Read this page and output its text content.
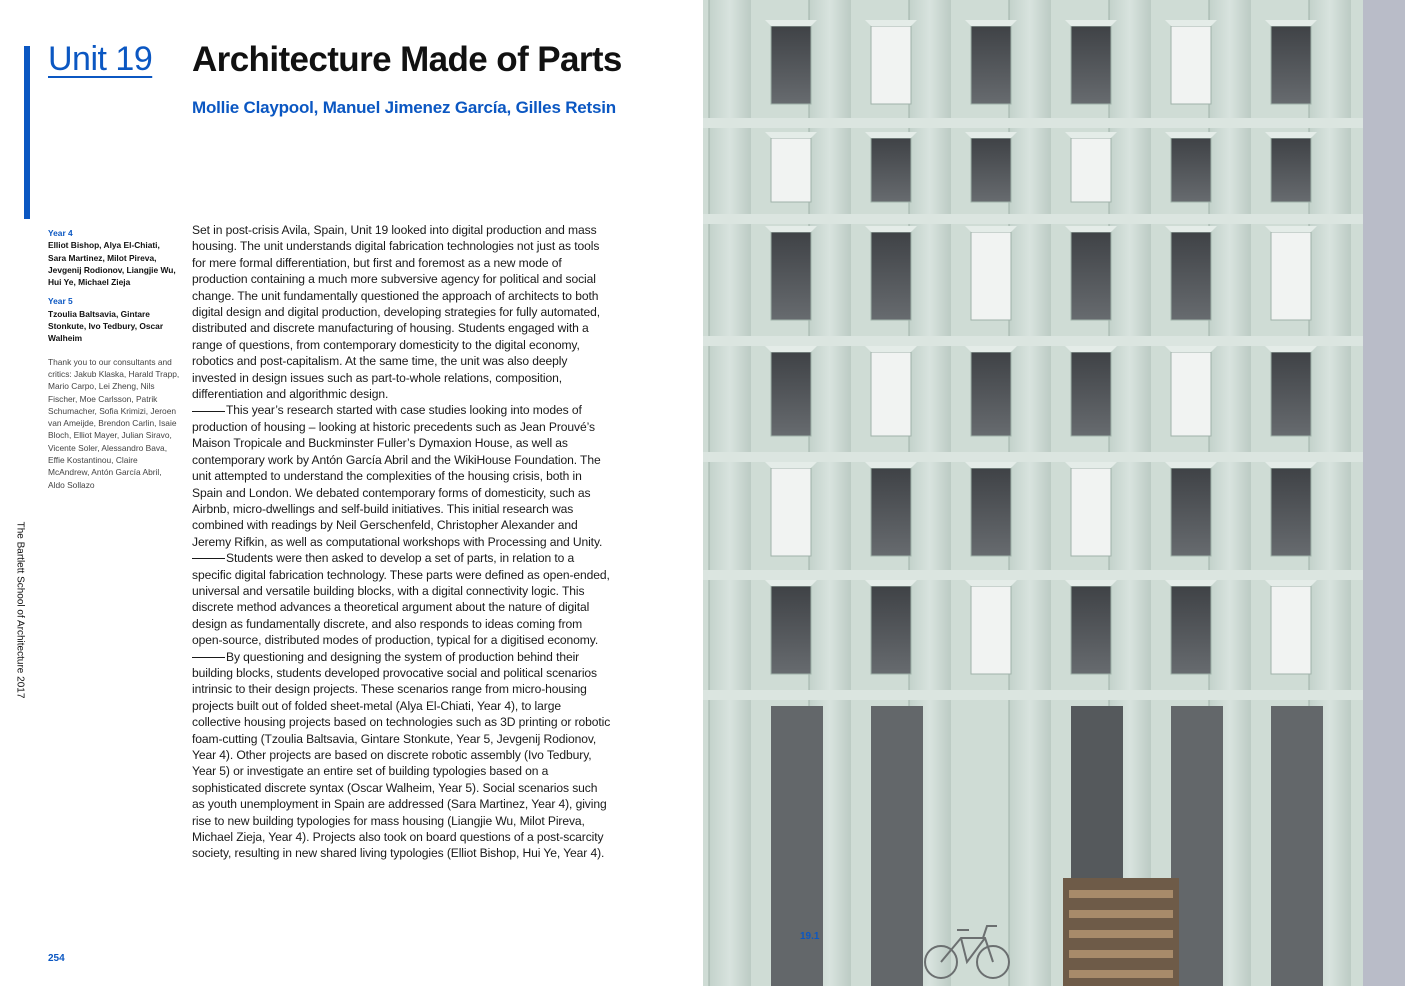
Unit 19 Architecture Made of Parts
Mollie Claypool, Manuel Jimenez García, Gilles Retsin
The Bartlett School of Architecture 2017
Year 4
Elliot Bishop, Alya El-Chiati, Sara Martinez, Milot Pireva, Jevgenij Rodionov, Liangjie Wu, Hui Ye, Michael Zieja
Year 5
Tzoulia Baltsavia, Gintare Stonkute, Ivo Tedbury, Oscar Walheim
Thank you to our consultants and critics: Jakub Klaska, Harald Trapp, Mario Carpo, Lei Zheng, Nils Fischer, Moe Carlsson, Patrik Schumacher, Sofia Krimizi, Jeroen van Ameijde, Brendon Carlin, Isaie Bloch, Elliot Mayer, Julian Siravo, Vicente Soler, Alessandro Bava, Effie Kostantinou, Claire McAndrew, Antón García Abril, Aldo Sollazo

Set in post-crisis Avila, Spain, Unit 19 looked into digital production and mass housing. The unit understands digital fabrication technologies not just as tools for mere formal differentiation, but first and foremost as a new mode of production containing a much more subversive agency for political and social change. The unit fundamentally questioned the approach of architects to both digital design and digital production, developing strategies for fully automated, distributed and discrete manufacturing of housing. Students engaged with a range of questions, from contemporary domesticity to the digital economy, robotics and post-capitalism. At the same time, the unit was also deeply invested in design issues such as part-to-whole relations, composition, differentiation and algorithmic design.

This year’s research started with case studies looking into modes of production of housing – looking at historic precedents such as Jean Prouvé’s Maison Tropicale and Buckminster Fuller’s Dymaxion House, as well as contemporary work by Antón García Abril and the WikiHouse Foundation. The unit attempted to understand the complexities of the housing crisis, both in Spain and London. We debated contemporary forms of domesticity, such as Airbnb, micro-dwellings and self-build initiatives. This initial research was combined with readings by Neil Gerschenfeld, Christopher Alexander and Jeremy Rifkin, as well as computational workshops with Processing and Unity.

Students were then asked to develop a set of parts, in relation to a specific digital fabrication technology. These parts were defined as open-ended, universal and versatile building blocks, with a digital connectivity logic. This discrete method advances a theoretical argument about the nature of digital design as fundamentally discrete, and also responds to ideas coming from open-source, distributed modes of production, typical for a digitised economy.

By questioning and designing the system of production behind their building blocks, students developed provocative social and political scenarios intrinsic to their design projects. These scenarios range from micro-housing projects built out of folded sheet-metal (Alya El-Chiati, Year 4), to large collective housing projects based on technologies such as 3D printing or robotic foam-cutting (Tzoulia Baltsavia, Gintare Stonkute, Year 5, Jevgenij Rodionov, Year 4). Other projects are based on discrete robotic assembly (Ivo Tedbury, Year 5) or investigate an entire set of building typologies based on a sophisticated discrete syntax (Oscar Walheim, Year 5). Social scenarios such as youth unemployment in Spain are addressed (Sara Martinez, Year 4), giving rise to new building typologies for mass housing (Liangjie Wu, Milot Pireva, Michael Zieja, Year 4). Projects also took on board questions of a post-scarcity society, resulting in new shared living typologies (Elliot Bishop, Hui Ye, Year 4).

254
19.1
